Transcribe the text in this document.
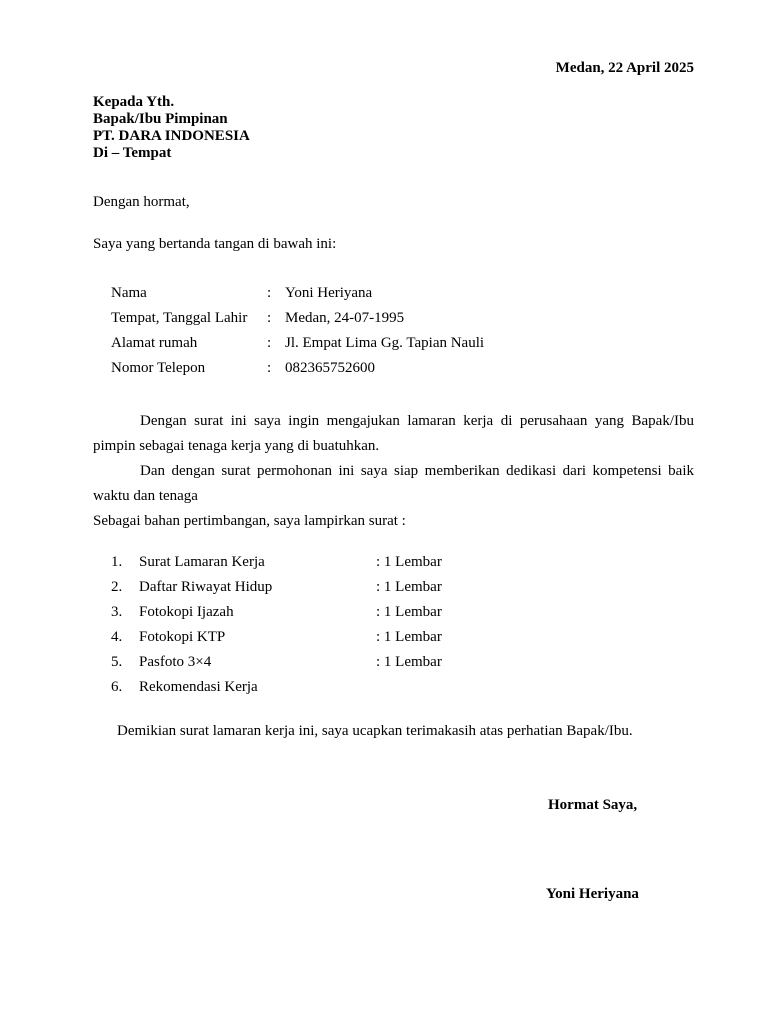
Medan, 22 April 2025
Kepada Yth.
Bapak/Ibu Pimpinan
PT. DARA INDONESIA
Di – Tempat
Dengan hormat,
Saya yang bertanda tangan di bawah ini:
Nama	:	Yoni Heriyana
Tempat, Tanggal Lahir	:	Medan, 24-07-1995
Alamat rumah	:	Jl. Empat Lima Gg. Tapian Nauli
Nomor Telepon	:	082365752600

Dengan surat ini saya ingin mengajukan lamaran kerja di perusahaan yang Bapak/Ibu pimpin sebagai tenaga kerja yang di buatuhkan.

Dan dengan surat permohonan ini saya siap memberikan dedikasi dari kompetensi baik waktu dan tenaga

Sebagai bahan pertimbangan, saya lampirkan surat :
1.	Surat Lamaran Kerja	: 1 Lembar
2.	Daftar Riwayat Hidup	: 1 Lembar
3.	Fotokopi Ijazah	: 1 Lembar
4.	Fotokopi KTP	: 1 Lembar
5.	Pasfoto 3×4	: 1 Lembar
6.	Rekomendasi Kerja	
Demikian surat lamaran kerja ini, saya ucapkan terimakasih atas perhatian Bapak/Ibu.
Hormat Saya,
Yoni Heriyana
